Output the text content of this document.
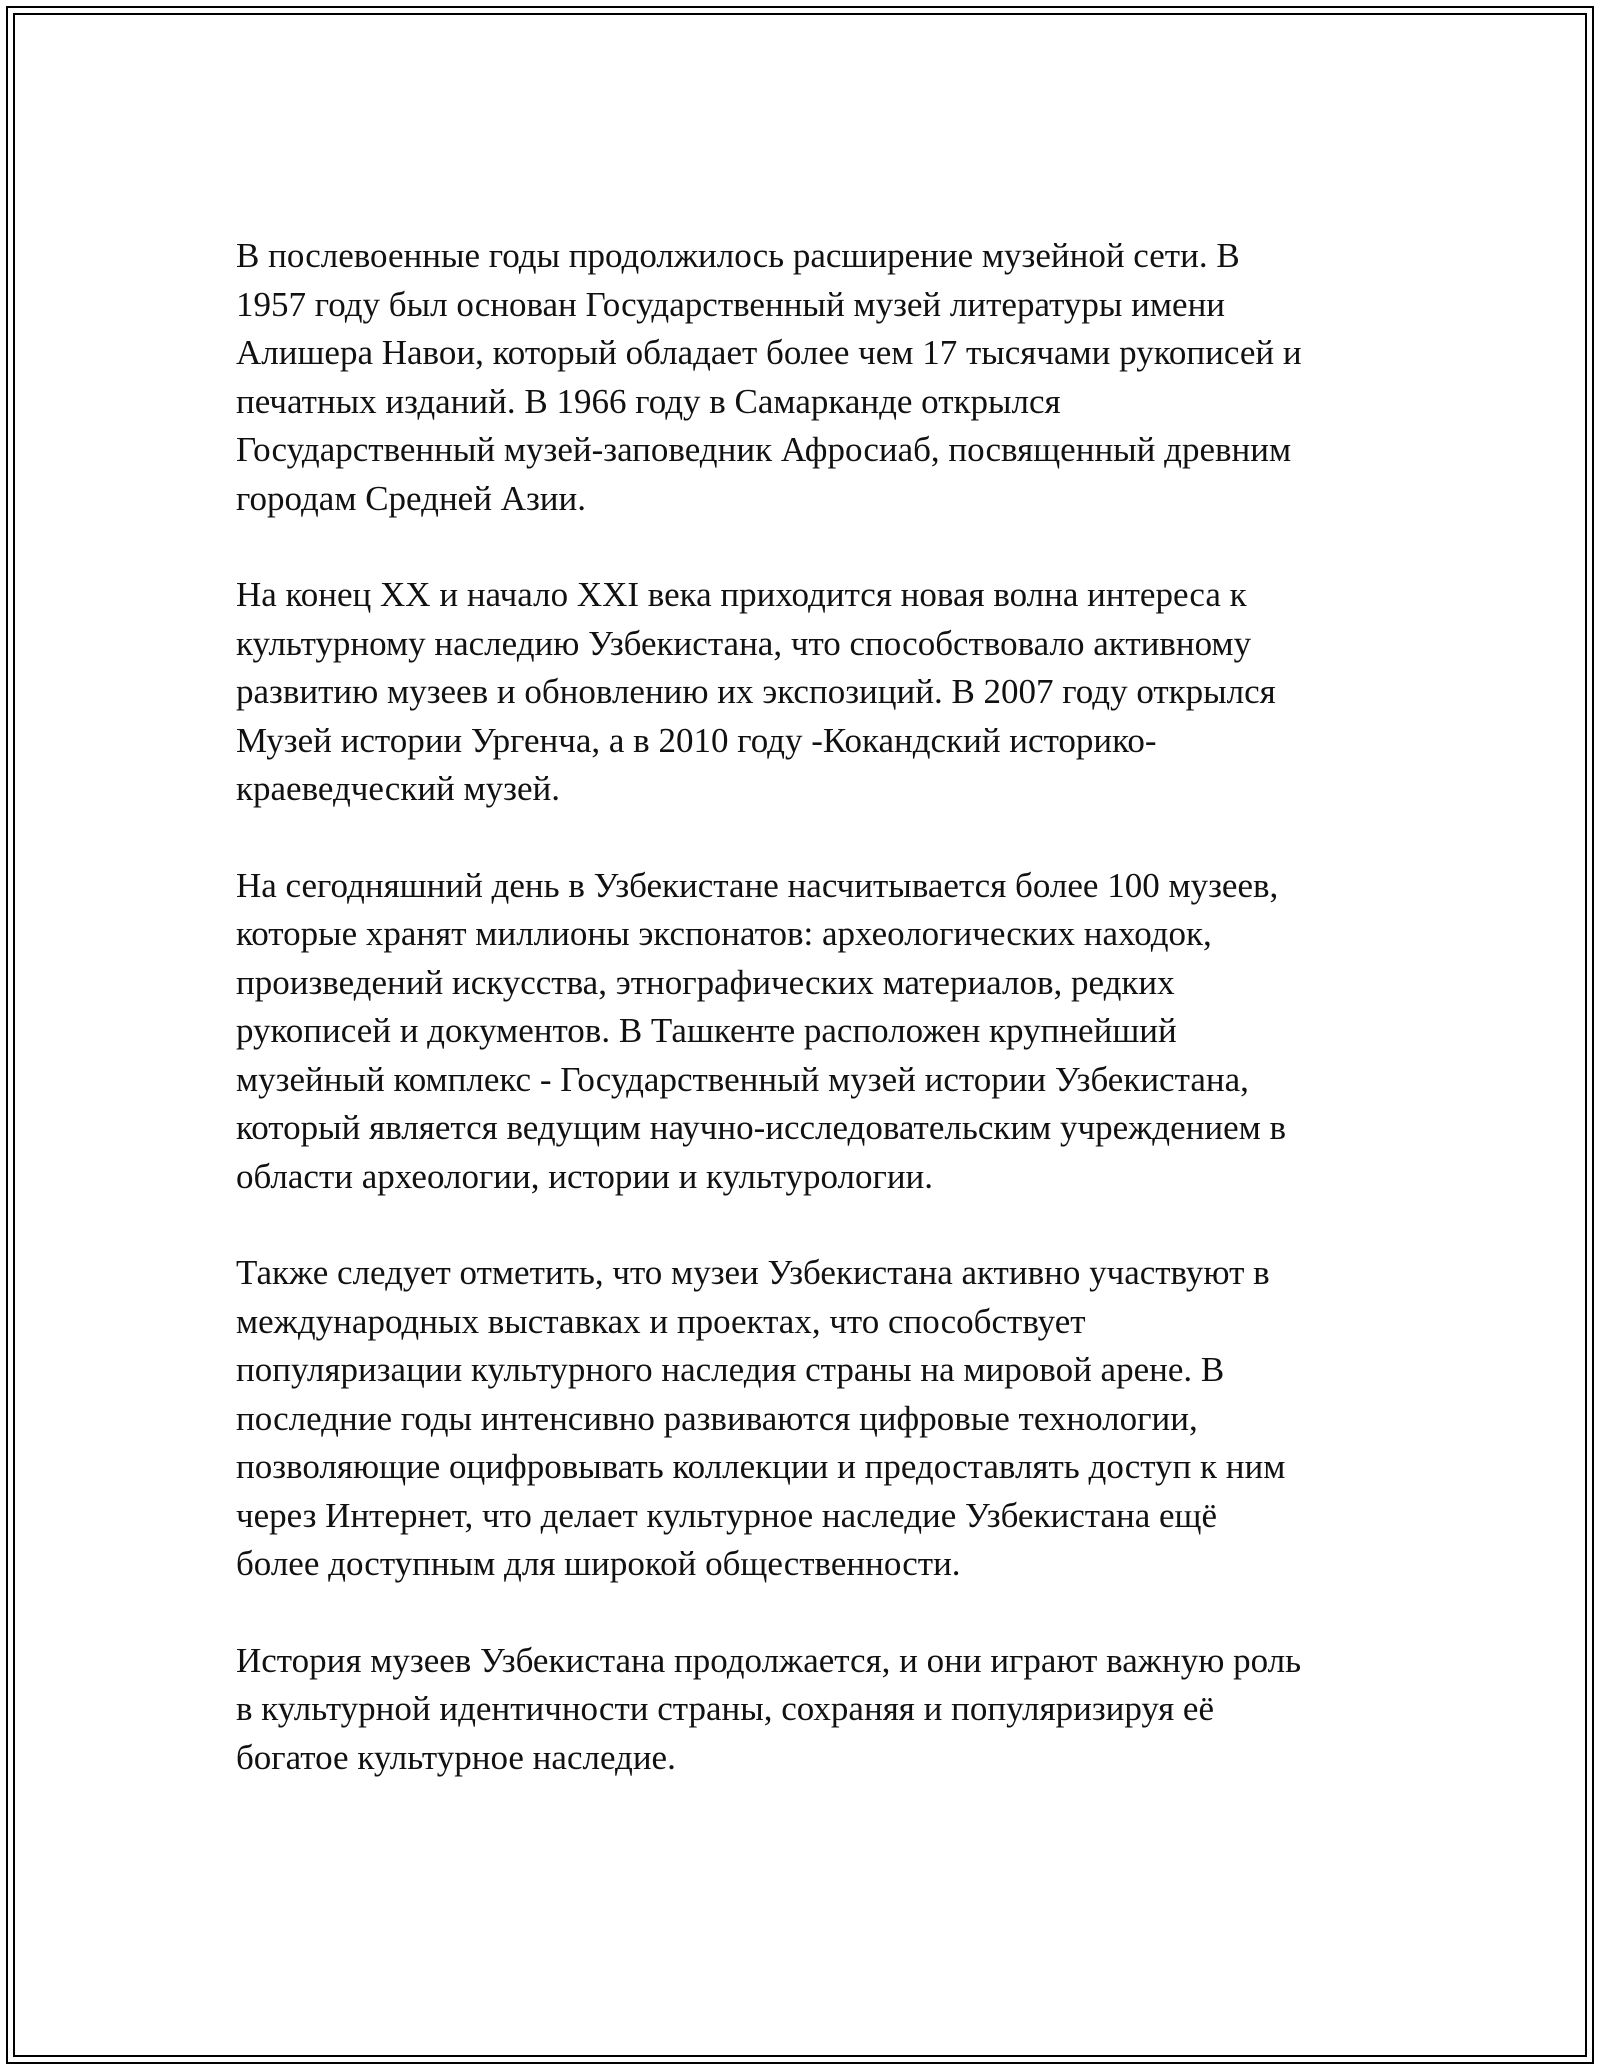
В послевоенные годы продолжилось расширение музейной сети. В
1957 году был основан Государственный музей литературы имени
Алишера Навои, который обладает более чем 17 тысячами рукописей и
печатных изданий. В 1966 году в Самарканде открылся
Государственный музей-заповедник Афросиаб, посвященный древним
городам Средней Азии.

На конец XX и начало XXI века приходится новая волна интереса к
культурному наследию Узбекистана, что способствовало активному
развитию музеев и обновлению их экспозиций. В 2007 году открылся
Музей истории Ургенча, а в 2010 году -Кокандский историко-
краеведческий музей.

На сегодняшний день в Узбекистане насчитывается более 100 музеев,
которые хранят миллионы экспонатов: археологических находок,
произведений искусства, этнографических материалов, редких
рукописей и документов. В Ташкенте расположен крупнейший
музейный комплекс - Государственный музей истории Узбекистана,
который является ведущим научно-исследовательским учреждением в
области археологии, истории и культурологии.

Также следует отметить, что музеи Узбекистана активно участвуют в
международных выставках и проектах, что способствует
популяризации культурного наследия страны на мировой арене. В
последние годы интенсивно развиваются цифровые технологии,
позволяющие оцифровывать коллекции и предоставлять доступ к ним
через Интернет, что делает культурное наследие Узбекистана ещё
более доступным для широкой общественности.

История музеев Узбекистана продолжается, и они играют важную роль
в культурной идентичности страны, сохраняя и популяризируя её
богатое культурное наследие.
